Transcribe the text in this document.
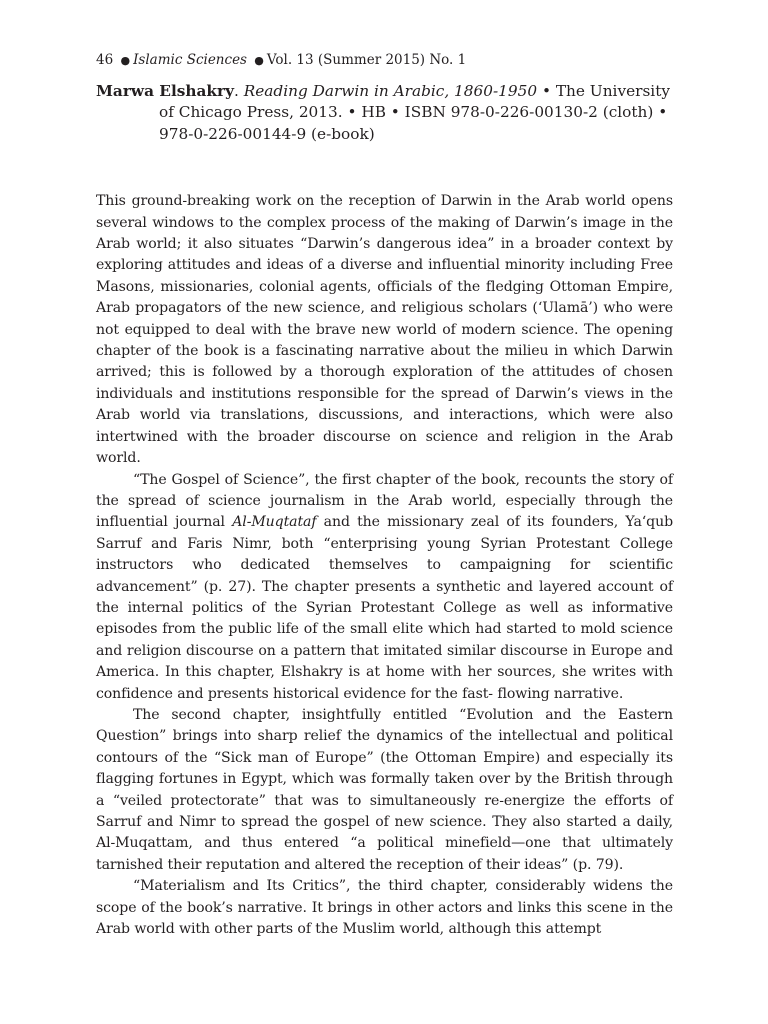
46 ● Islamic Sciences ● Vol. 13 (Summer 2015) No. 1
Marwa Elshakry. Reading Darwin in Arabic, 1860-1950 • The University of Chicago Press, 2013. • HB • ISBN 978-0-226-00130-2 (cloth) • 978-0-226-00144-9 (e-book)

This ground-breaking work on the reception of Darwin in the Arab world opens several windows to the complex process of the making of Darwin’s image in the Arab world; it also situates “Darwin’s dangerous idea” in a broader context by exploring attitudes and ideas of a diverse and influential minority including Free Masons, missionaries, colonial agents, officials of the fledging Ottoman Empire, Arab propagators of the new science, and religious scholars (‘Ulamā’) who were not equipped to deal with the brave new world of modern science. The opening chapter of the book is a fascinating narrative about the milieu in which Darwin arrived; this is followed by a thorough exploration of the attitudes of chosen individuals and institutions responsible for the spread of Darwin’s views in the Arab world via translations, discussions, and interactions, which were also intertwined with the broader discourse on science and religion in the Arab world.

“The Gospel of Science”, the first chapter of the book, recounts the story of the spread of science journalism in the Arab world, especially through the influential journal Al-Muqtataf and the missionary zeal of its founders, Ya‘qub Sarruf and Faris Nimr, both “enterprising young Syrian Protestant College instructors who dedicated themselves to campaigning for scientific advancement” (p. 27). The chapter presents a synthetic and layered account of the internal politics of the Syrian Protestant College as well as informative episodes from the public life of the small elite which had started to mold science and religion discourse on a pattern that imitated similar discourse in Europe and America. In this chapter, Elshakry is at home with her sources, she writes with confidence and presents historical evidence for the fast- flowing narrative.

The second chapter, insightfully entitled “Evolution and the Eastern Question” brings into sharp relief the dynamics of the intellectual and political contours of the “Sick man of Europe” (the Ottoman Empire) and especially its flagging fortunes in Egypt, which was formally taken over by the British through a “veiled protectorate” that was to simultaneously re-energize the efforts of Sarruf and Nimr to spread the gospel of new science. They also started a daily, Al-Muqattam, and thus entered “a political minefield—one that ultimately tarnished their reputation and altered the reception of their ideas” (p. 79).

“Materialism and Its Critics”, the third chapter, considerably widens the scope of the book’s narrative. It brings in other actors and links this scene in the Arab world with other parts of the Muslim world, although this attempt
